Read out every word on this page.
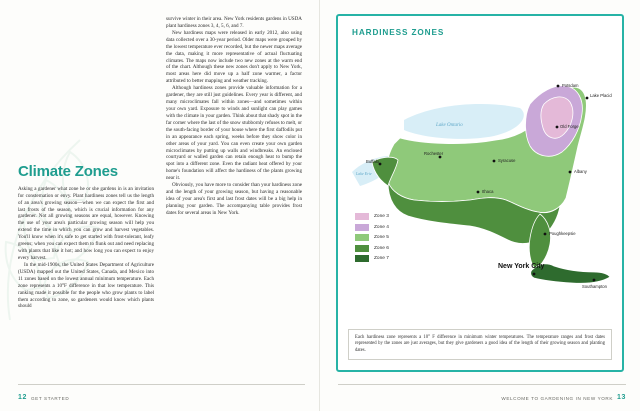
Climate Zones

Asking a gardener what zone he or she gardens in is an invitation for consternation or envy. Plant hardiness zones tell us the length of an area's growing season—when we can expect the first and last frosts of the season, which is crucial information for any gardener. Not all growing seasons are equal, however. Knowing the use of your area's particular growing season will help you extend the time in which you can grow and harvest vegetables. You'll know when it's safe to get started with frost-tolerant, leafy greens; when you can expect them to flunk out and need replacing with plants that like it hot; and how long you can expect to enjoy every harvest.

In the mid-1900s, the United States Department of Agriculture (USDA) mapped out the United States, Canada, and Mexico into 11 zones based on the lowest annual minimum temperature. Each zone represents a 10°F difference in that low temperature. This ranking made it possible for the people who grow plants to label them according to zone, so gardeners would know which plants should

survive winter in their area. New York residents gardens in USDA plant hardiness zones 3, 4, 5, 6, and 7.

New hardiness maps were released in early 2012, also using data collected over a 30-year period. Older maps were grouped by the lowest temperature ever recorded, but the newer maps average the data, making it more representative of actual fluctuating climates. The maps now include two new zones at the warm end of the chart. Although these new zones don't apply to New York, most areas here did move up a half zone warmer, a factor attributed to better mapping and weather tracking.

Although hardiness zones provide valuable information for a gardener, they are still just guidelines. Every year is different, and many microclimates fall within zones—and sometimes within your own yard. Exposure to winds and sunlight can play games with the climate in your garden. Think about that shady spot in the far corner where the last of the snow stubbornly refuses to melt, or the south-facing border of your house where the first daffodils put in an appearance each spring, weeks before they show color in other areas of your yard. You can even create your own garden microclimates by putting up walls and windbreaks. An enclosed courtyard or walled garden can retain enough heat to bump the spot into a different zone. Even the radiant heat offered by your home's foundation will affect the hardiness of the plants growing near it.

Obviously, you have more to consider than your hardiness zone and the length of your growing season, but having a reasonable idea of your area's first and last frost dates will be a big help in planning your garden. The accompanying table provides frost dates for several areas in New York.

12 GET STARTED
HARDINESS ZONES
Lake Ontario
Lake Erie
Potsdam
Lake Placid
Old Forge
Buffalo
Rochester
Syracuse
Albany
Ithaca
Poughkeepsie
New York City
Southampton
Zone 3
Zone 4
Zone 5
Zone 6
Zone 7

Each hardiness zone represents a 10° F difference in minimum winter temperatures. The temperature ranges and frost dates represented by the zones are just averages, but they give gardeners a good idea of the length of their growing season and planting dates.

WELCOME TO GARDENING IN NEW YORK 13
